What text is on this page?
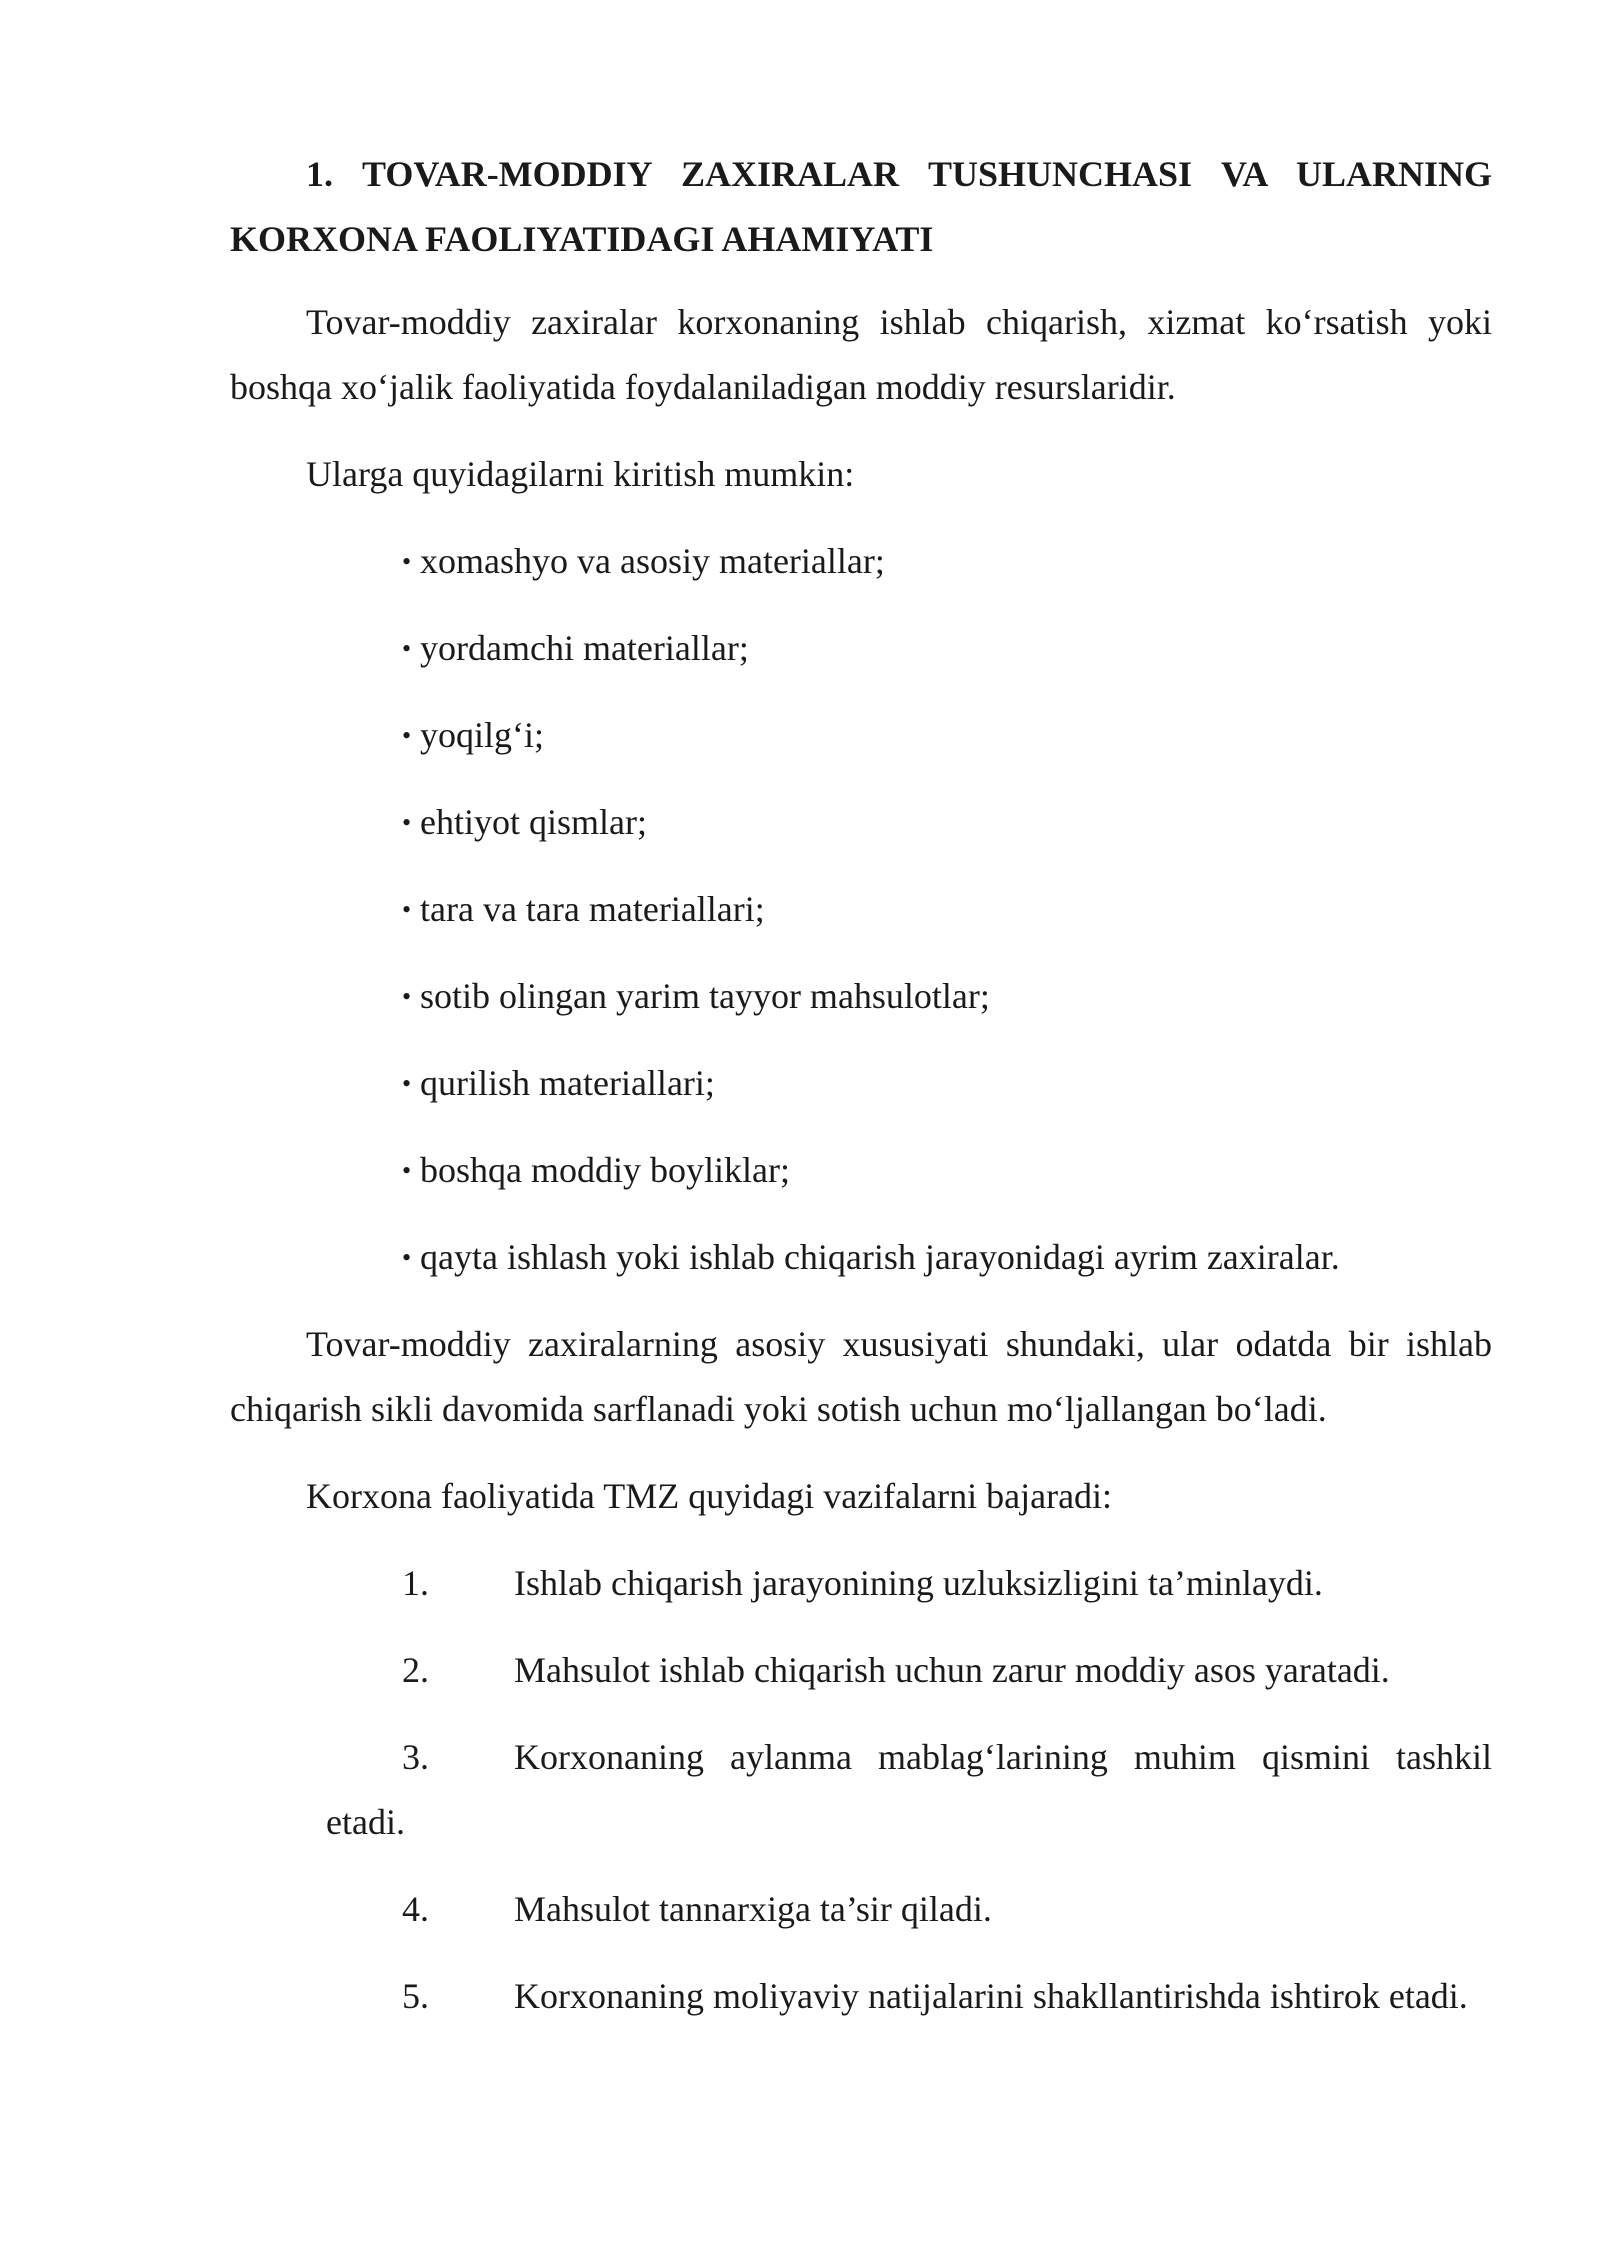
1. TOVAR-MODDIY ZAXIRALAR TUSHUNCHASI VA ULARNING KORXONA FAOLIYATIDAGI AHAMIYATI

Tovar-moddiy zaxiralar korxonaning ishlab chiqarish, xizmat ko‘rsatish yoki boshqa xo‘jalik faoliyatida foydalaniladigan moddiy resurslaridir.

Ularga quyidagilarni kiritish mumkin:

• xomashyo va asosiy materiallar;
• yordamchi materiallar;
• yoqilg‘i;
• ehtiyot qismlar;
• tara va tara materiallari;
• sotib olingan yarim tayyor mahsulotlar;
• qurilish materiallari;
• boshqa moddiy boyliklar;
• qayta ishlash yoki ishlab chiqarish jarayonidagi ayrim zaxiralar.

Tovar-moddiy zaxiralarning asosiy xususiyati shundaki, ular odatda bir ishlab chiqarish sikli davomida sarflanadi yoki sotish uchun mo‘ljallangan bo‘ladi.

Korxona faoliyatida TMZ quyidagi vazifalarni bajaradi:

1. Ishlab chiqarish jarayonining uzluksizligini ta’minlaydi.
2. Mahsulot ishlab chiqarish uchun zarur moddiy asos yaratadi.
3. Korxonaning aylanma mablag‘larining muhim qismini tashkil etadi.
4. Mahsulot tannarxiga ta’sir qiladi.
5. Korxonaning moliyaviy natijalarini shakllantirishda ishtirok etadi.
